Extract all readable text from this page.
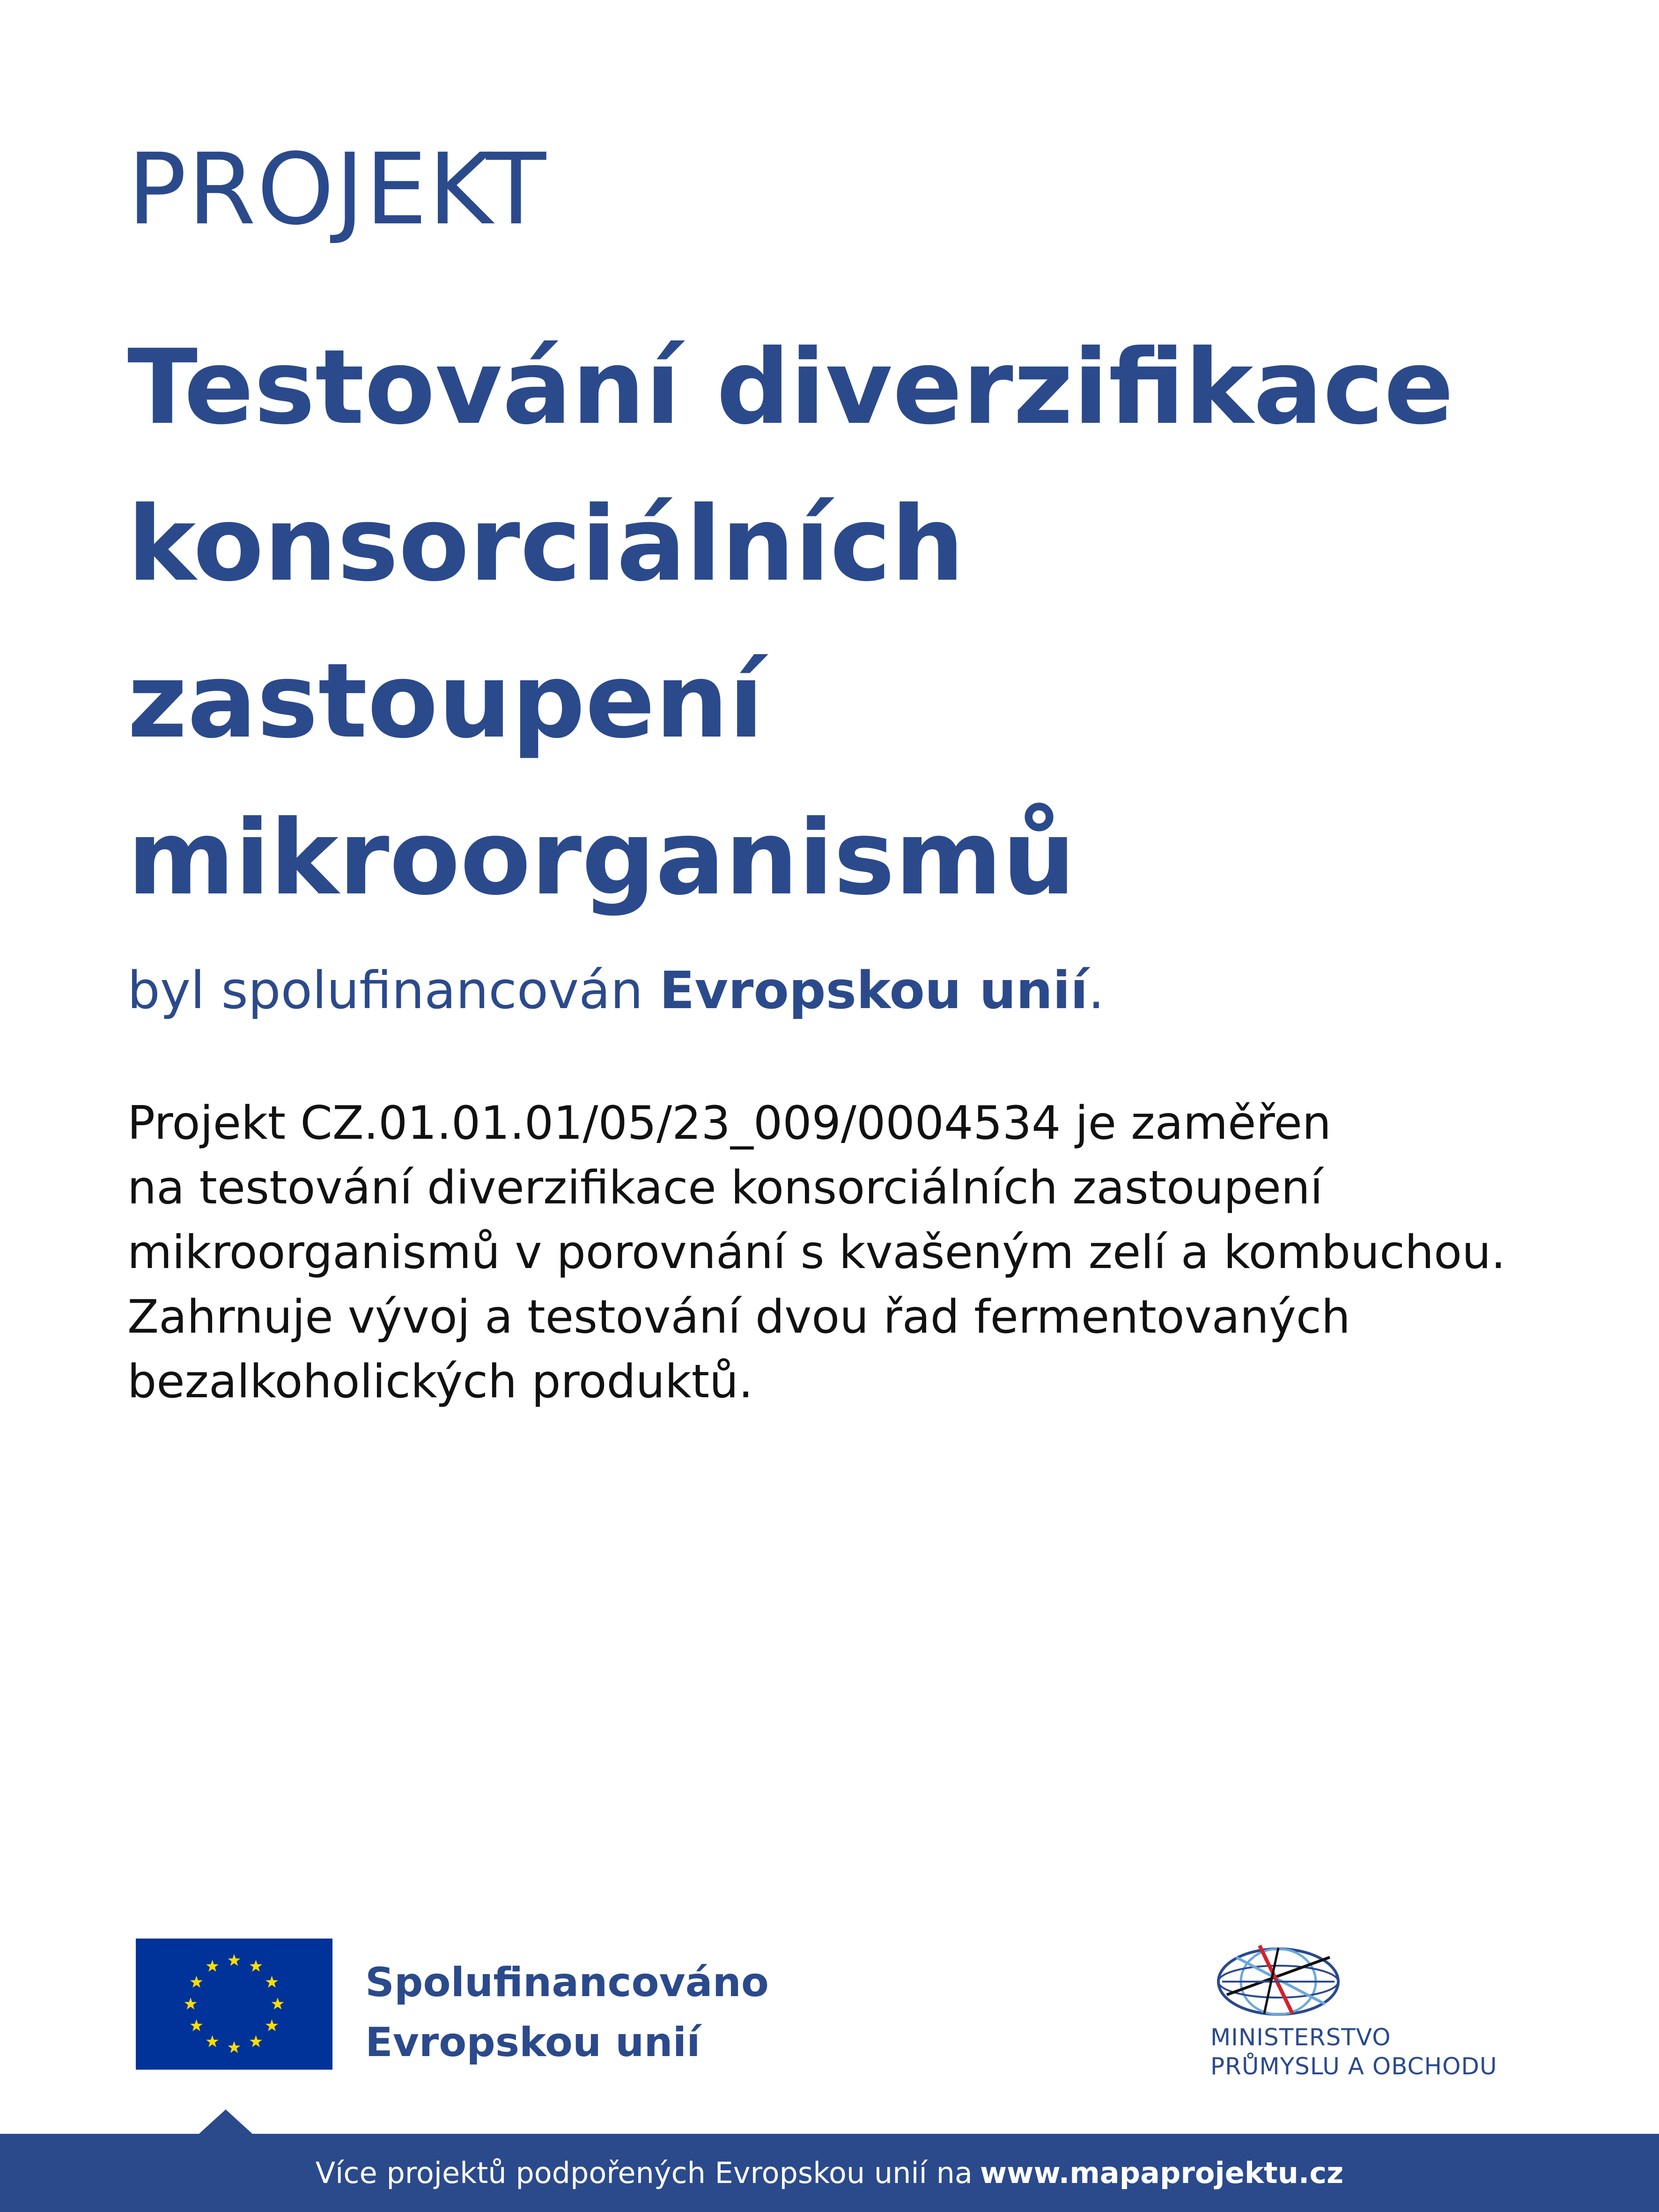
PROJEKT
Testování diverzifikace
konsorciálních
zastoupení
mikroorganismů
byl spolufinancován Evropskou unií.

Projekt CZ.01.01.01/05/23_009/0004534 je zaměřen
na testování diverzifikace konsorciálních zastoupení
mikroorganismů v porovnání s kvašeným zelí a kombuchou.
Zahrnuje vývoj a testování dvou řad fermentovaných
bezalkoholických produktů.

Spolufinancováno
Evropskou unií	MINISTERSTVO
PRŮMYSLU A OBCHODU
Více projektů podpořených Evropskou unií na www.mapaprojektu.cz
